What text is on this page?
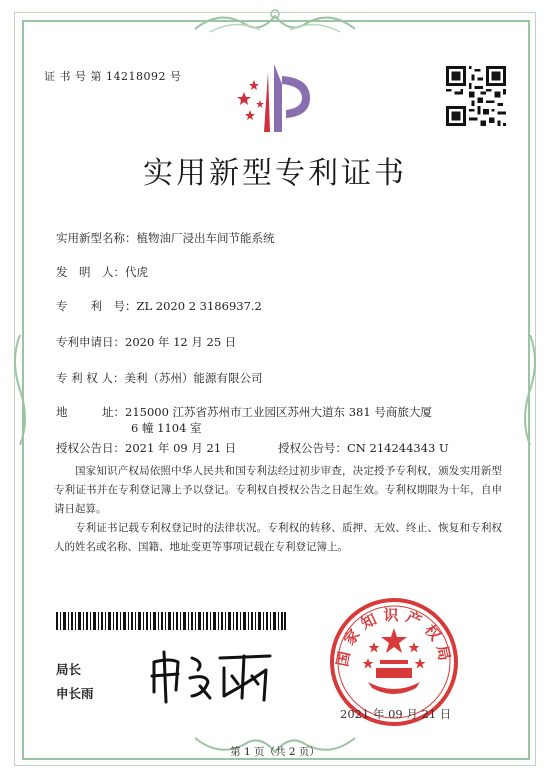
证 书 号 第 14218092 号
实用新型专利证书
实用新型名称：植物油厂浸出车间节能系统
发　明　人：代虎
专　　利　号：ZL 2020 2 3186937.2
专利申请日：2020 年 12 月 25 日
专 利 权 人：美利（苏州）能源有限公司
地　　　址：215000 江苏省苏州市工业园区苏州大道东 381 号商旅大厦
6 幢 1104 室
授权公告日：2021 年 09 月 21 日	授权公告号：CN 214244343 U
国家知识产权局依照中华人民共和国专利法经过初步审查，决定授予专利权，颁发实用新型专利证书并在专利登记簿上予以登记。专利权自授权公告之日起生效。专利权期限为十年，自申请日起算。
专利证书记载专利权登记时的法律状况。专利权的转移、质押、无效、终止、恢复和专利权人的姓名或名称、国籍、地址变更等事项记载在专利登记簿上。
局长
申长雨
国家知识产权局
2021 年 09 月 21 日
第 1 页（共 2 页）
